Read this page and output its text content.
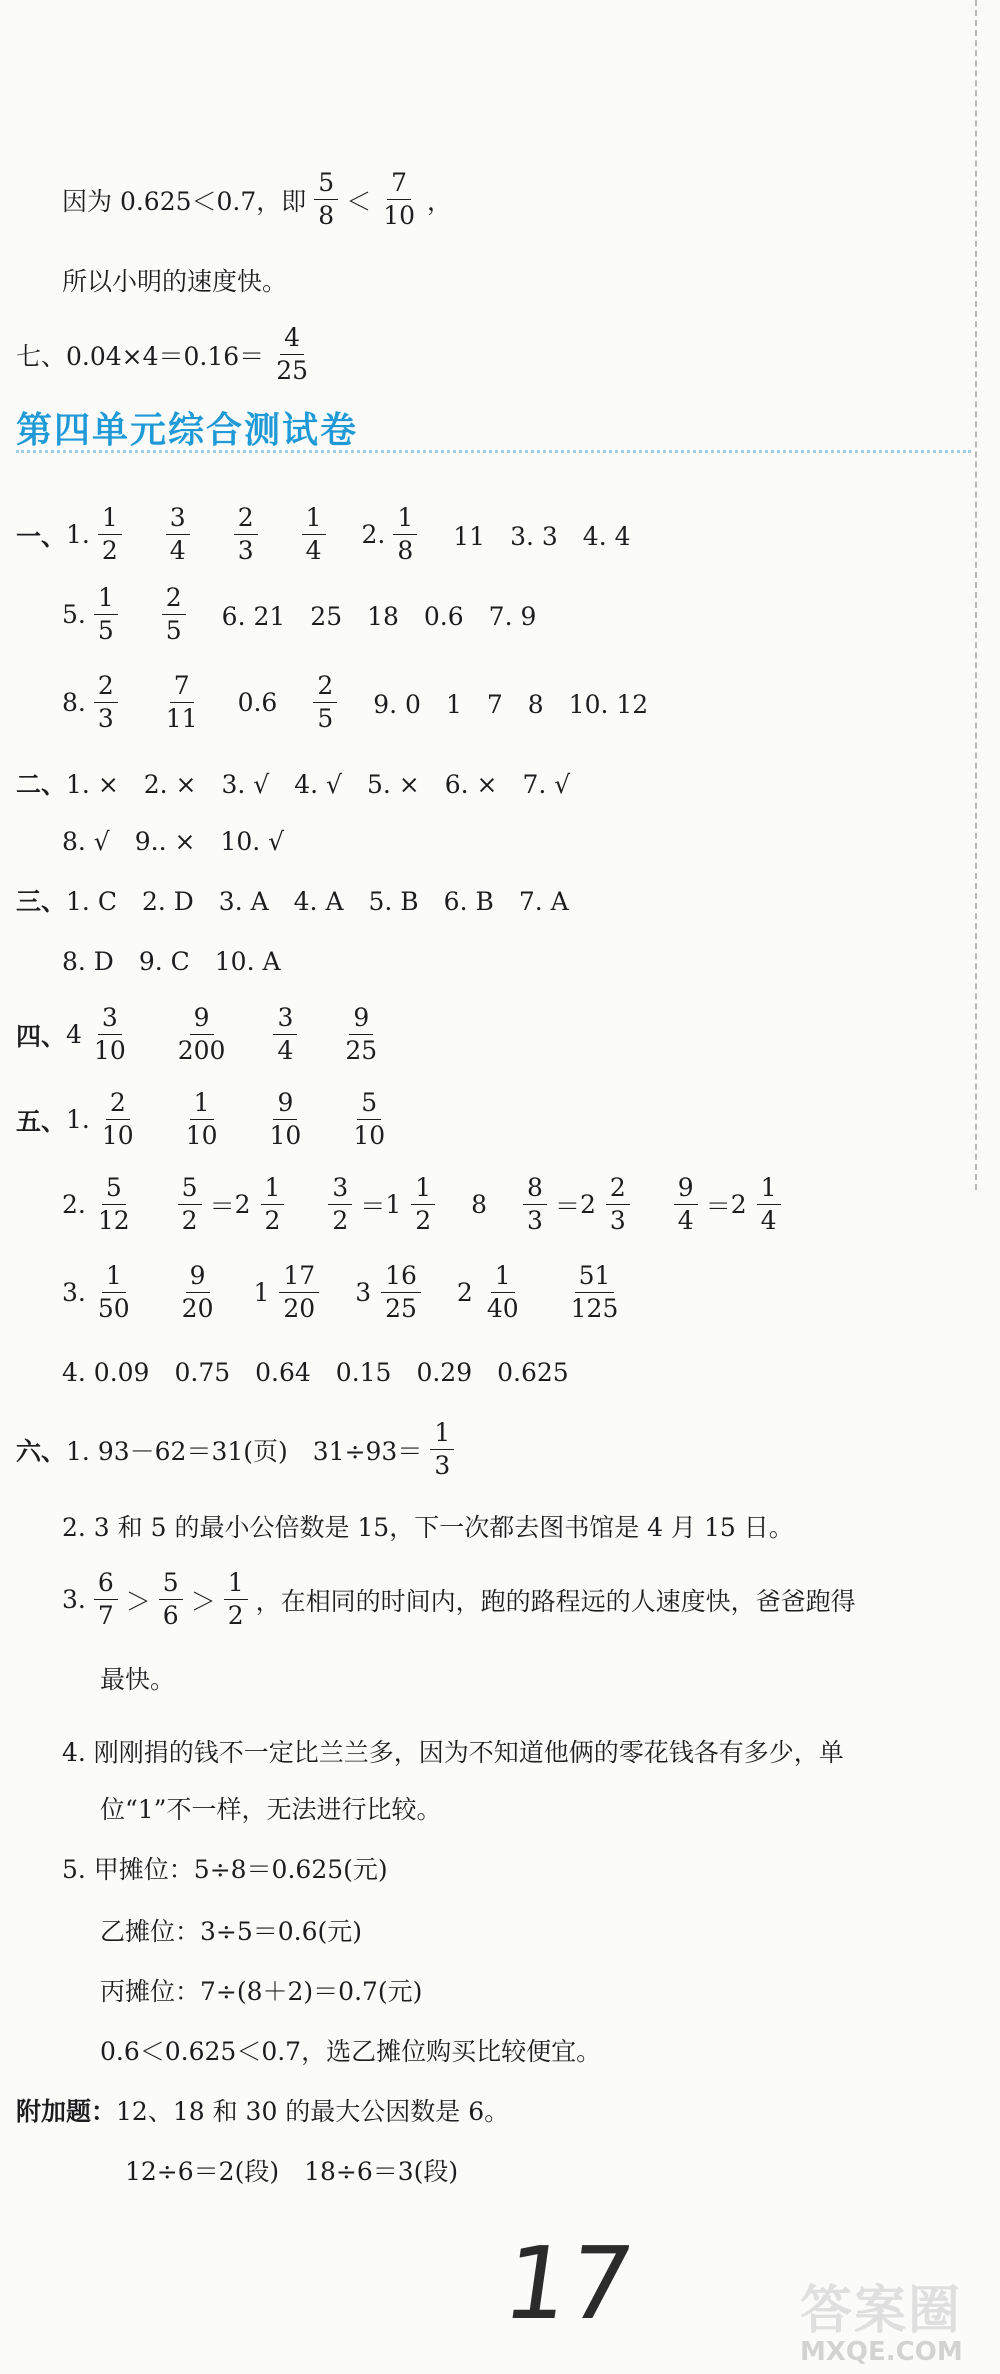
因为 0.625＜0.7，即 $\frac{5}{8} < \frac{7}{10}$ ，
所以小明的速度快。
七、$0.04\times 4=0.16= \frac{4}{25}$
第四单元综合测试卷
一、 1. $\frac{1}{2} \frac{3}{4} \frac{2}{3} \frac{1}{4} 2$. $\frac{1}{8} 11$　3. 3　4. 4
5. $\frac{1}{5} \frac{2}{5} 6$. 21　25　18　0.6　7. 9
8. $\frac{2}{3} \frac{7}{11} 0.6 \frac{2}{5} 9$. 0　1　7　8　10. 12
二、 1. ×　2. ×　3. √　4. √　5. ×　6. ×　7. √
8. √　9.. ×　10. √
三、 1. C　2. D　3. A　4. A　5. B　6. B　7. A
8. D　9. C　10. A
四、 $4 \frac{3}{10} \frac{9}{200} \frac{3}{4} \frac{9}{25}$
五、 1. $\frac{2}{10} \frac{1}{10} \frac{9}{10} \frac{5}{10}$
2. $\frac{5}{12} \frac{5}{2} = 2 \frac{1}{2} \frac{3}{2} = 1 \frac{1}{2} 8 \frac{8}{3} = 2 \frac{2}{3} \frac{9}{4} = 2 \frac{1}{4}$
3. $\frac{1}{50} \frac{9}{20} 1 \frac{17}{20} 3 \frac{16}{25} 2 \frac{1}{40} \frac{51}{125}$
4. 0.09　0.75　0.64　0.15　0.29　0.625
六、 1. 93－62＝31(页)　$31\div 93= \frac{1}{3}$
2. 3 和 5 的最小公倍数是 15，下一次都去图书馆是 4 月 15 日。
3. $\frac{6}{7} > \frac{5}{6} > \frac{1}{2}$ ，在相同的时间内，跑的路程远的人速度快，爸爸跑得
最快。
4. 刚刚捐的钱不一定比兰兰多，因为不知道他俩的零花钱各有多少，单
位“1”不一样，无法进行比较。
5. 甲摊位：5÷8＝0.625(元)
乙摊位：3÷5＝0.6(元)
丙摊位：7÷(8＋2)＝0.7(元)
0.6＜0.625＜0.7，选乙摊位购买比较便宜。
附加题： 12、18 和 30 的最大公因数是 6。
12÷6＝2(段)　18÷6＝3(段)
17	答案圈
MXQE.COM
